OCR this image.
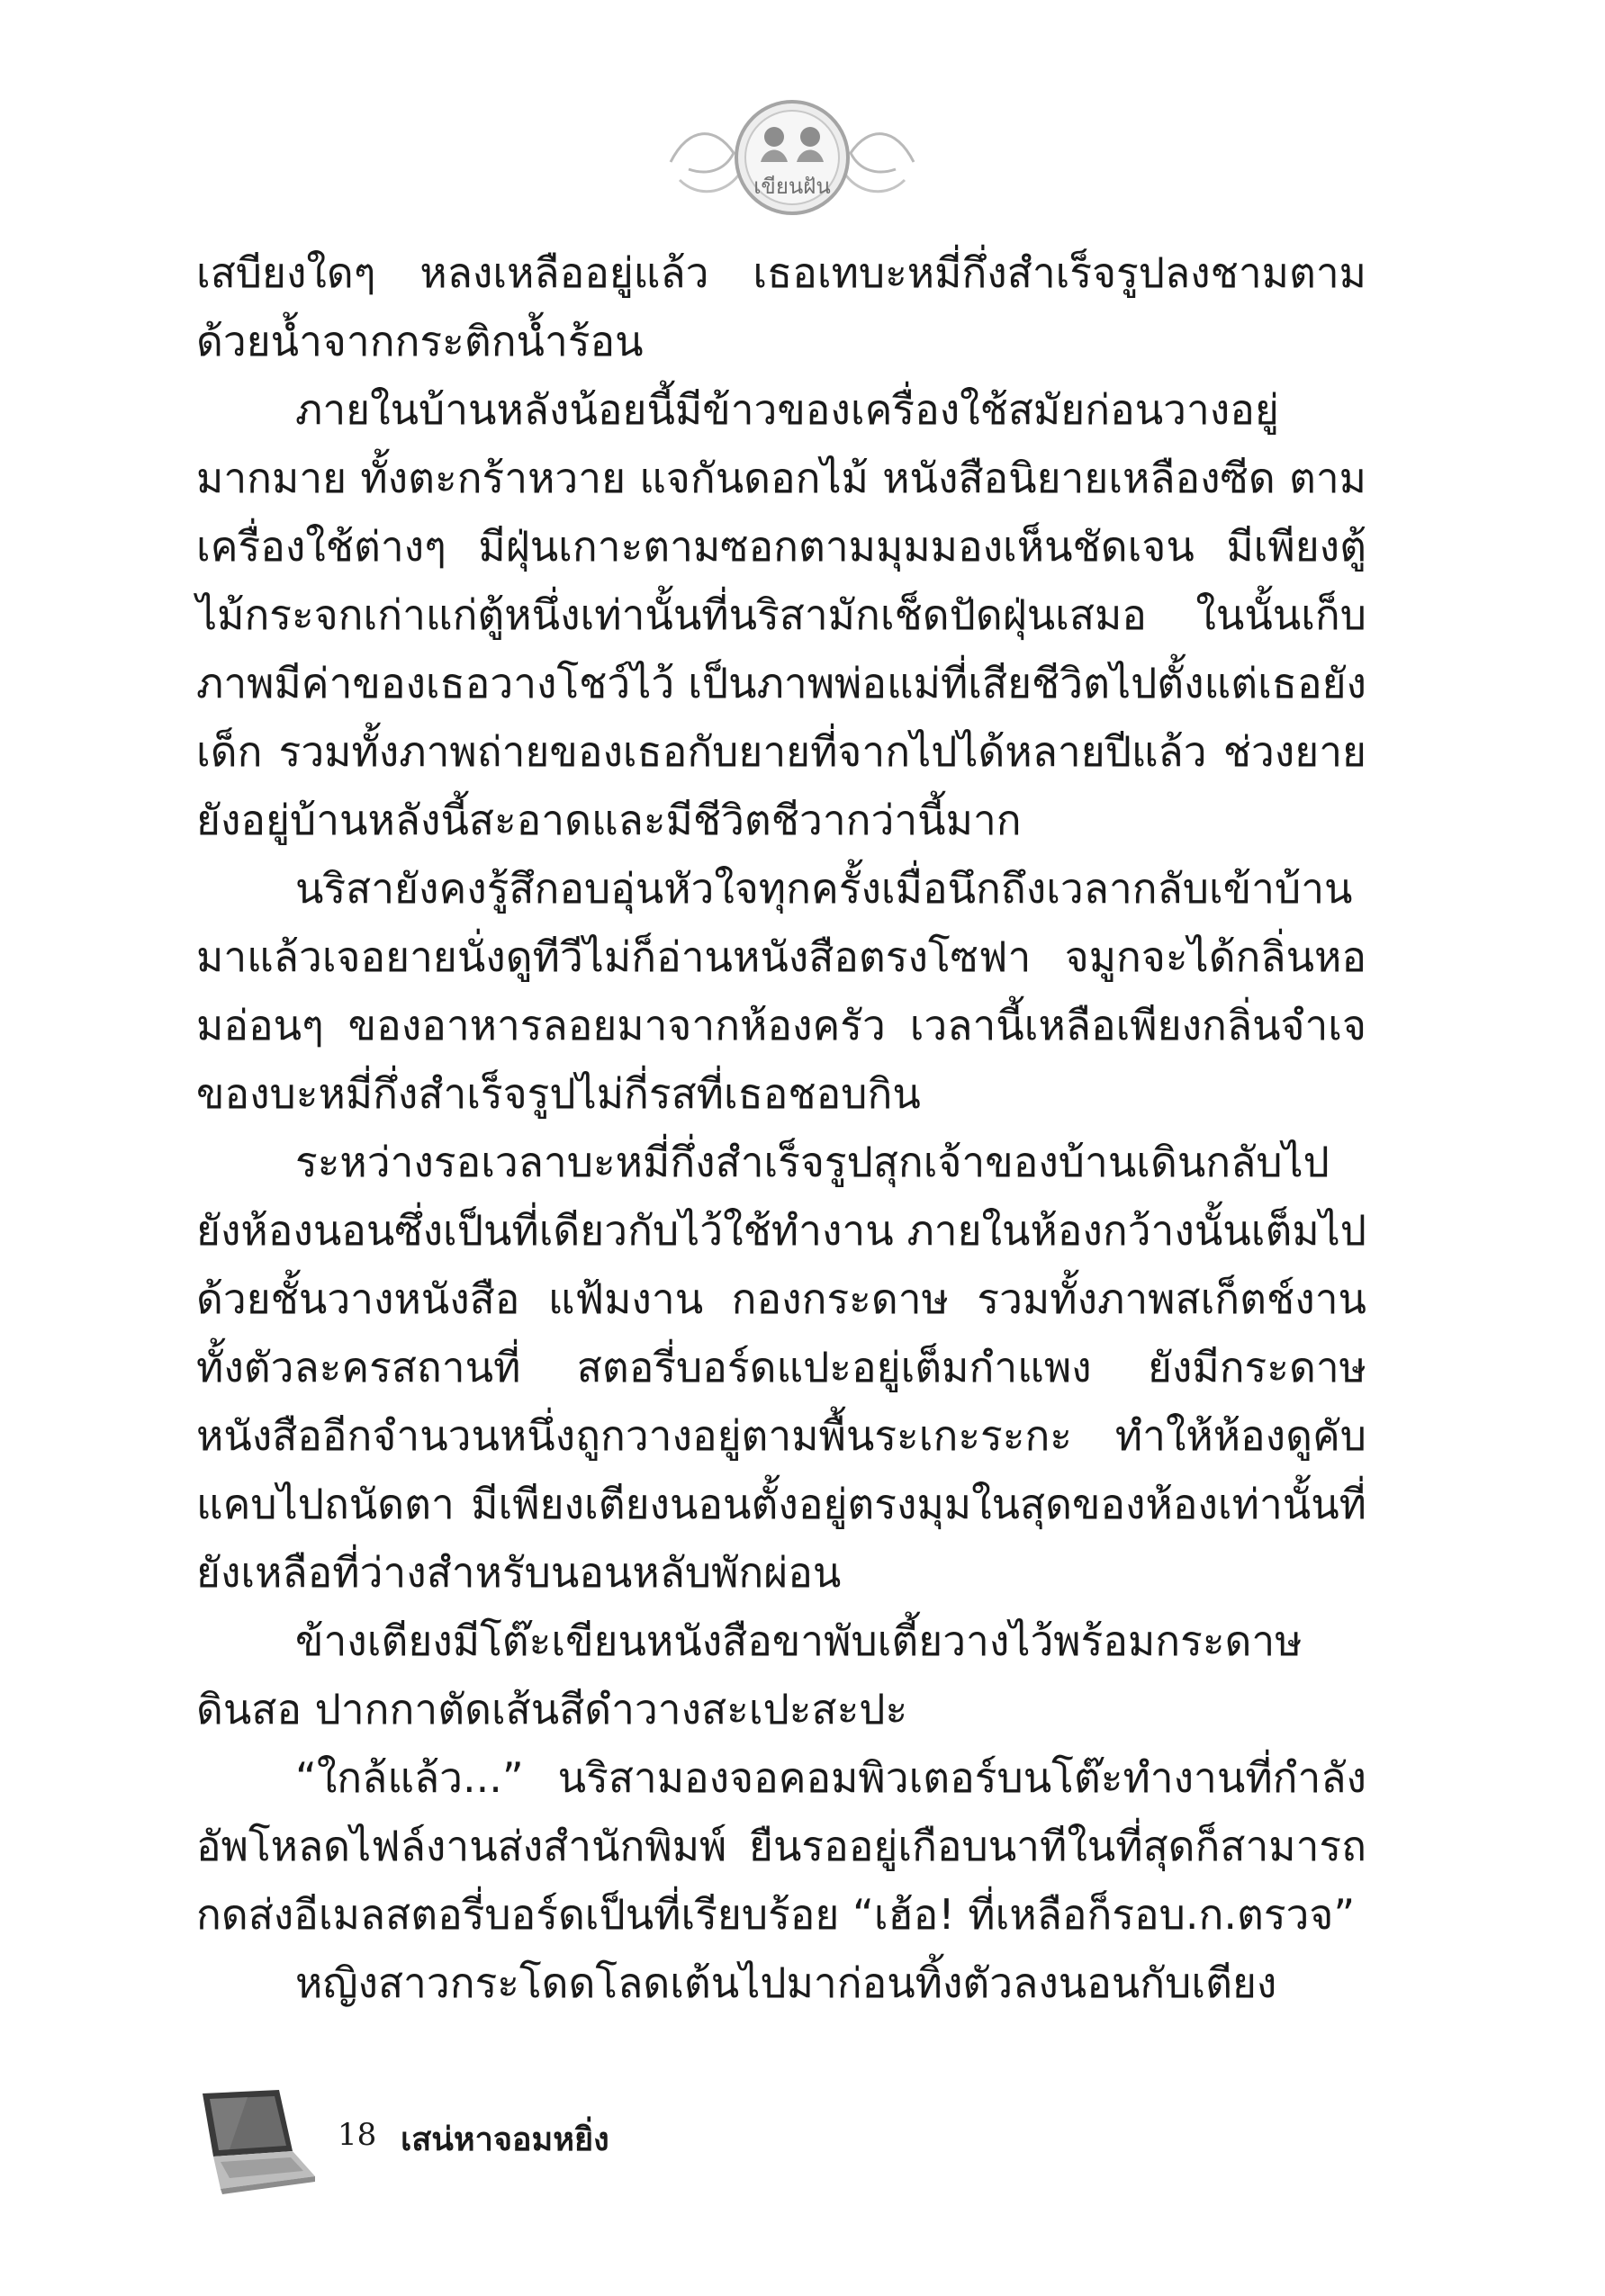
เขียนฝัน

เสบียงใดๆ หลงเหลืออยู่แล้ว เธอเทบะหมี่กึ่งสำเร็จรูปลงชามตามด้วยน้ำจากกระติกน้ำร้อน

ภายในบ้านหลังน้อยนี้มีข้าวของเครื่องใช้สมัยก่อนวางอยู่มากมาย ทั้งตะกร้าหวาย แจกันดอกไม้ หนังสือนิยายเหลืองซีด ตามเครื่องใช้ต่างๆ มีฝุ่นเกาะตามซอกตามมุมมองเห็นชัดเจน มีเพียงตู้ไม้กระจกเก่าแก่ตู้หนึ่งเท่านั้นที่นริสามักเช็ดปัดฝุ่นเสมอ ในนั้นเก็บภาพมีค่าของเธอวางโชว์ไว้ เป็นภาพพ่อแม่ที่เสียชีวิตไปตั้งแต่เธอยังเด็ก รวมทั้งภาพถ่ายของเธอกับยายที่จากไปได้หลายปีแล้ว ช่วงยายยังอยู่บ้านหลังนี้สะอาดและมีชีวิตชีวากว่านี้มาก

นริสายังคงรู้สึกอบอุ่นหัวใจทุกครั้งเมื่อนึกถึงเวลากลับเข้าบ้านมาแล้วเจอยายนั่งดูทีวีไม่ก็อ่านหนังสือตรงโซฟา จมูกจะได้กลิ่นหอมอ่อนๆ ของอาหารลอยมาจากห้องครัว เวลานี้เหลือเพียงกลิ่นจำเจของบะหมี่กึ่งสำเร็จรูปไม่กี่รสที่เธอชอบกิน

ระหว่างรอเวลาบะหมี่กึ่งสำเร็จรูปสุกเจ้าของบ้านเดินกลับไปยังห้องนอนซึ่งเป็นที่เดียวกับไว้ใช้ทำงาน ภายในห้องกว้างนั้นเต็มไปด้วยชั้นวางหนังสือ แฟ้มงาน กองกระดาษ รวมทั้งภาพสเก็ตช์งานทั้งตัวละครสถานที่ สตอรี่บอร์ดแปะอยู่เต็มกำแพง ยังมีกระดาษหนังสืออีกจำนวนหนึ่งถูกวางอยู่ตามพื้นระเกะระกะ ทำให้ห้องดูคับแคบไปถนัดตา มีเพียงเตียงนอนตั้งอยู่ตรงมุมในสุดของห้องเท่านั้นที่ยังเหลือที่ว่างสำหรับนอนหลับพักผ่อน

ข้างเตียงมีโต๊ะเขียนหนังสือขาพับเตี้ยวางไว้พร้อมกระดาษ ดินสอ ปากกาตัดเส้นสีดำวางสะเปะสะปะ

“ใกล้แล้ว...” นริสามองจอคอมพิวเตอร์บนโต๊ะทำงานที่กำลังอัพโหลดไฟล์งานส่งสำนักพิมพ์ ยืนรออยู่เกือบนาทีในที่สุดก็สามารถกดส่งอีเมลสตอรี่บอร์ดเป็นที่เรียบร้อย “เฮ้อ! ที่เหลือก็รอบ.ก.ตรวจ”

หญิงสาวกระโดดโลดเต้นไปมาก่อนทิ้งตัวลงนอนกับเตียง

18 เสน่หาจอมหยิ่ง
